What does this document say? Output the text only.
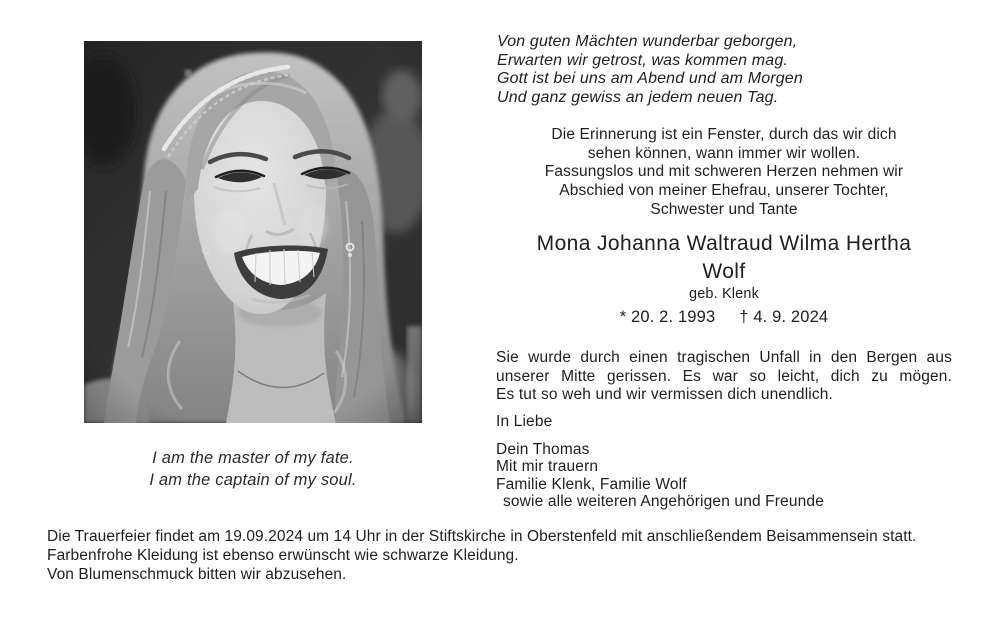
I am the master of my fate.
I am the captain of my soul.
Von guten Mächten wunderbar geborgen,
Erwarten wir getrost, was kommen mag.
Gott ist bei uns am Abend und am Morgen
Und ganz gewiss an jedem neuen Tag.
Die Erinnerung ist ein Fenster, durch das wir dich
sehen können, wann immer wir wollen.
Fassungslos und mit schweren Herzen nehmen wir
Abschied von meiner Ehefrau, unserer Tochter,
Schwester und Tante
Mona Johanna Waltraud Wilma Hertha
Wolf
geb. Klenk
* 20. 2. 1993 † 4. 9. 2024
Sie wurde durch einen tragischen Unfall in den Bergen aus
unserer Mitte gerissen. Es war so leicht, dich zu mögen.
Es tut so weh und wir vermissen dich unendlich.
In Liebe
Dein Thomas
Mit mir trauern
Familie Klenk, Familie Wolf
sowie alle weiteren Angehörigen und Freunde
Die Trauerfeier findet am 19.09.2024 um 14 Uhr in der Stiftskirche in Oberstenfeld mit anschließendem Beisammensein statt.
Farbenfrohe Kleidung ist ebenso erwünscht wie schwarze Kleidung.
Von Blumenschmuck bitten wir abzusehen.
